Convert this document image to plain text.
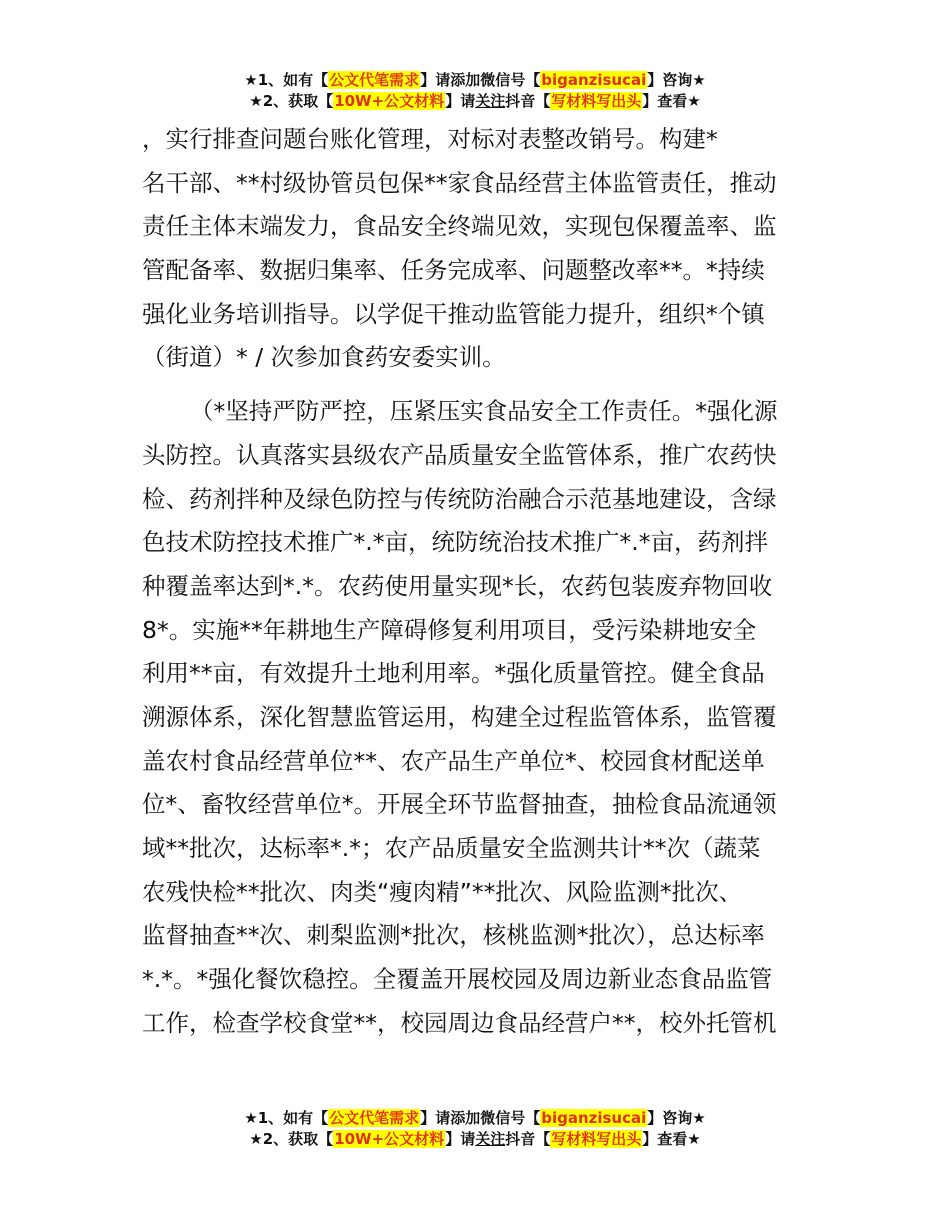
★1、如有【公文代笔需求】请添加微信号【biganzisucai】咨询★
★2、获取【10W+公文材料】请关注抖音【写材料写出头】查看★

，实行排查问题台账化管理，对标对表整改销号。构建*
名干部、**村级协管员包保**家食品经营主体监管责任，推动
责任主体末端发力，食品安全终端见效，实现包保覆盖率、监
管配备率、数据归集率、任务完成率、问题整改率**。*持续
强化业务培训指导。以学促干推动监管能力提升，组织*个镇
（街道）* / 次参加食药安委实训。

（*坚持严防严控，压紧压实食品安全工作责任。*强化源
头防控。认真落实县级农产品质量安全监管体系，推广农药快
检、药剂拌种及绿色防控与传统防治融合示范基地建设，含绿
色技术防控技术推广*.*亩，统防统治技术推广*.*亩，药剂拌
种覆盖率达到*.*。农药使用量实现*长，农药包装废弃物回收
8*。实施**年耕地生产障碍修复利用项目，受污染耕地安全
利用**亩，有效提升土地利用率。*强化质量管控。健全食品
溯源体系，深化智慧监管运用，构建全过程监管体系，监管覆
盖农村食品经营单位**、农产品生产单位*、校园食材配送单
位*、畜牧经营单位*。开展全环节监督抽查，抽检食品流通领
域**批次，达标率*.*；农产品质量安全监测共计**次（蔬菜
农残快检**批次、肉类“瘦肉精”**批次、风险监测*批次、
监督抽查**次、刺梨监测*批次，核桃监测*批次），总达标率
*.*。*强化餐饮稳控。全覆盖开展校园及周边新业态食品监管
工作，检查学校食堂**，校园周边食品经营户**，校外托管机

★1、如有【公文代笔需求】请添加微信号【biganzisucai】咨询★
★2、获取【10W+公文材料】请关注抖音【写材料写出头】查看★
